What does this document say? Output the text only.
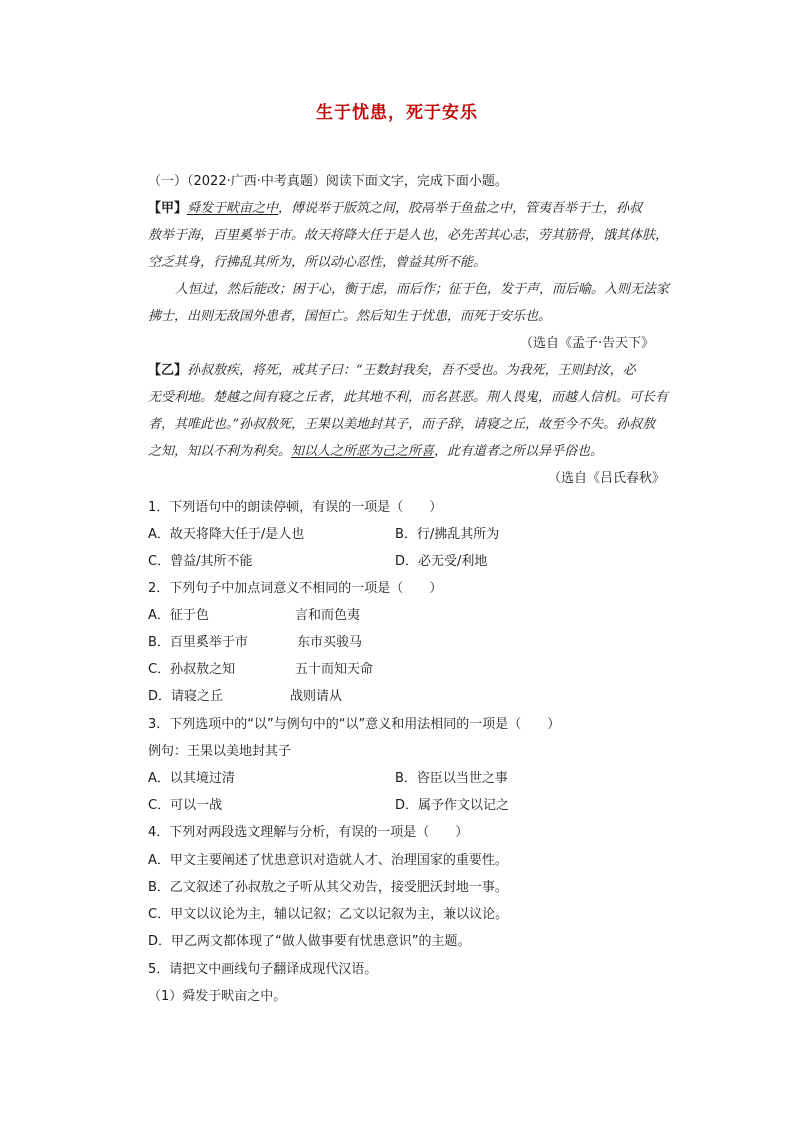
生于忧患，死于安乐
（一）（2022·广西·中考真题）阅读下面文字，完成下面小题。
【甲】舜发于畎亩之中，傅说举于版筑之间，胶鬲举于鱼盐之中，管夷吾举于士，孙叔
敖举于海，百里奚举于市。故天将降大任于是人也，必先苦其心志，劳其筋骨，饿其体肤，
空乏其身，行拂乱其所为，所以动心忍性，曾益其所不能。
人恒过，然后能改；困于心，衡于虑，而后作；征于色，发于声，而后喻。入则无法家
拂士，出则无敌国外患者，国恒亡。然后知生于忧患，而死于安乐也。
（选自《孟子·告天下》
【乙】孙叔敖疾，将死，戒其子曰：“王数封我矣，吾不受也。为我死，王则封汝，必
无受利地。楚越之间有寝之丘者，此其地不利，而名甚恶。荆人畏鬼，而越人信机。可长有
者，其唯此也。”孙叔敖死，王果以美地封其子，而子辞，请寝之丘，故至今不失。孙叔敖
之知，知以不利为利矣。知以人之所恶为己之所喜，此有道者之所以异乎俗也。
（选自《吕氏春秋》
1．下列语句中的朗读停顿，有误的一项是（　　）
A．故天将降大任于/是人也	B．行/拂乱其所为
C．曾益/其所不能	D．必无受/利地
2．下列句子中加点词意义不相同的一项是（　　）
A．征于色	言和而色夷
B．百里奚举于市	东市买骏马
C．孙叔敖之知	五十而知天命
D．请寝之丘	战则请从
3．下列选项中的“以”与例句中的“以”意义和用法相同的一项是（　　）
例句：王果以美地封其子
A．以其境过清	B．咨臣以当世之事
C．可以一战	D．属予作文以记之
4．下列对两段选文理解与分析，有误的一项是（　　）
A．甲文主要阐述了忧患意识对造就人才、治理国家的重要性。
B．乙文叙述了孙叔敖之子听从其父劝告，接受肥沃封地一事。
C．甲文以议论为主，辅以记叙；乙文以记叙为主，兼以议论。
D．甲乙两文都体现了“做人做事要有忧患意识”的主题。
5．请把文中画线句子翻译成现代汉语。
（1）舜发于畎亩之中。
